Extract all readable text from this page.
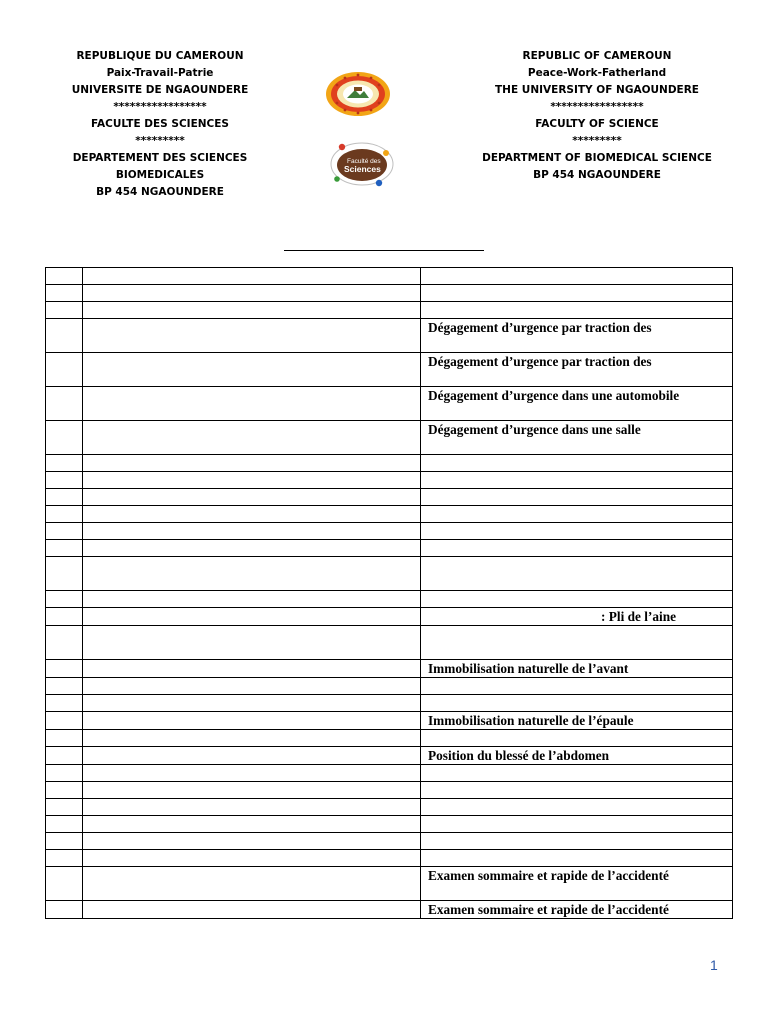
REPUBLIQUE DU CAMEROUN
Paix-Travail-Patrie
UNIVERSITE DE NGAOUNDERE
*****************
FACULTE DES SCIENCES
*********
DEPARTEMENT DES SCIENCES
BIOMEDICALES
BP 454 NGAOUNDERE
REPUBLIC OF CAMEROUN
Peace-Work-Fatherland
THE UNIVERSITY OF NGAOUNDERE
*****************
FACULTY OF SCIENCE
*********
DEPARTMENT OF BIOMEDICAL SCIENCE
BP 454 NGAOUNDERE
Faculté des
Sciences

		Dégagement d’urgence par traction des
		Dégagement d’urgence par traction des
		Dégagement d’urgence dans une automobile
		Dégagement d’urgence dans une salle

		: Pli de l’aine

		Immobilisation naturelle de l’avant

		Immobilisation naturelle de l’épaule

		Position du blessé de l’abdomen

		Examen sommaire et rapide de l’accidenté
		Examen sommaire et rapide de l’accidenté
1
